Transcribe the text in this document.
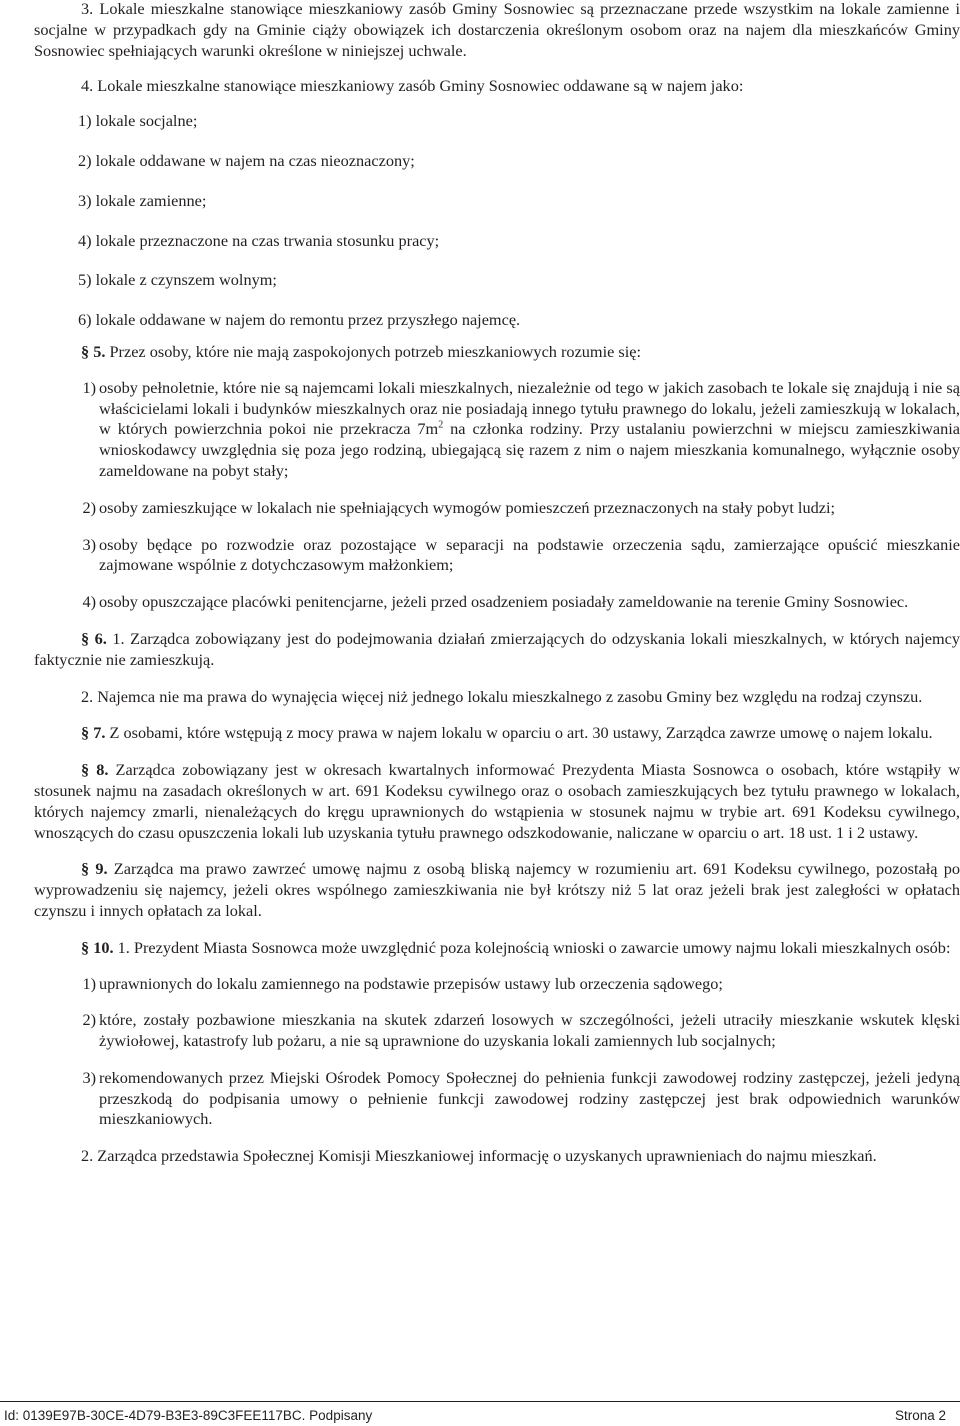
3. Lokale mieszkalne stanowiące mieszkaniowy zasób Gminy Sosnowiec są przeznaczane przede wszystkim na lokale zamienne i socjalne w przypadkach gdy na Gminie ciąży obowiązek ich dostarczenia określonym osobom oraz na najem dla mieszkańców Gminy Sosnowiec spełniających warunki określone w niniejszej uchwale.

4. Lokale mieszkalne stanowiące mieszkaniowy zasób Gminy Sosnowiec oddawane są w najem jako:

1) lokale socjalne;

2) lokale oddawane w najem na czas nieoznaczony;

3) lokale zamienne;

4) lokale przeznaczone na czas trwania stosunku pracy;

5) lokale z czynszem wolnym;

6) lokale oddawane w najem do remontu przez przyszłego najemcę.

§ 5. Przez osoby, które nie mają zaspokojonych potrzeb mieszkaniowych rozumie się:

1) osoby pełnoletnie, które nie są najemcami lokali mieszkalnych, niezależnie od tego w jakich zasobach te lokale się znajdują i nie są właścicielami lokali i budynków mieszkalnych oraz nie posiadają innego tytułu prawnego do lokalu, jeżeli zamieszkują w lokalach, w których powierzchnia pokoi nie przekracza $7m^2$ na członka rodziny. Przy ustalaniu powierzchni w miejscu zamieszkiwania wnioskodawcy uwzględnia się poza jego rodziną, ubiegającą się razem z nim o najem mieszkania komunalnego, wyłącznie osoby zameldowane na pobyt stały;
2) osoby zamieszkujące w lokalach nie spełniających wymogów pomieszczeń przeznaczonych na stały pobyt ludzi;
3) osoby będące po rozwodzie oraz pozostające w separacji na podstawie orzeczenia sądu, zamierzające opuścić mieszkanie zajmowane wspólnie z dotychczasowym małżonkiem;
4) osoby opuszczające placówki penitencjarne, jeżeli przed osadzeniem posiadały zameldowanie na terenie Gminy Sosnowiec.

§ 6. 1. Zarządca zobowiązany jest do podejmowania działań zmierzających do odzyskania lokali mieszkalnych, w których najemcy faktycznie nie zamieszkują.

2. Najemca nie ma prawa do wynajęcia więcej niż jednego lokalu mieszkalnego z zasobu Gminy bez względu na rodzaj czynszu.

§ 7. Z osobami, które wstępują z mocy prawa w najem lokalu w oparciu o art. 30 ustawy, Zarządca zawrze umowę o najem lokalu.

§ 8. Zarządca zobowiązany jest w okresach kwartalnych informować Prezydenta Miasta Sosnowca o osobach, które wstąpiły w stosunek najmu na zasadach określonych w art. 691 Kodeksu cywilnego oraz o osobach zamieszkujących bez tytułu prawnego w lokalach, których najemcy zmarli, nienależących do kręgu uprawnionych do wstąpienia w stosunek najmu w trybie art. 691 Kodeksu cywilnego, wnoszących do czasu opuszczenia lokali lub uzyskania tytułu prawnego odszkodowanie, naliczane w oparciu o art. 18 ust. 1 i 2 ustawy.

§ 9. Zarządca ma prawo zawrzeć umowę najmu z osobą bliską najemcy w rozumieniu art. 691 Kodeksu cywilnego, pozostałą po wyprowadzeniu się najemcy, jeżeli okres wspólnego zamieszkiwania nie był krótszy niż 5 lat oraz jeżeli brak jest zaległości w opłatach czynszu i innych opłatach za lokal.

§ 10. 1. Prezydent Miasta Sosnowca może uwzględnić poza kolejnością wnioski o zawarcie umowy najmu lokali mieszkalnych osób:

1) uprawnionych do lokalu zamiennego na podstawie przepisów ustawy lub orzeczenia sądowego;
2) które, zostały pozbawione mieszkania na skutek zdarzeń losowych w szczególności, jeżeli utraciły mieszkanie wskutek klęski żywiołowej, katastrofy lub pożaru, a nie są uprawnione do uzyskania lokali zamiennych lub socjalnych;
3) rekomendowanych przez Miejski Ośrodek Pomocy Społecznej do pełnienia funkcji zawodowej rodziny zastępczej, jeżeli jedyną przeszkodą do podpisania umowy o pełnienie funkcji zawodowej rodziny zastępczej jest brak odpowiednich warunków mieszkaniowych.

2. Zarządca przedstawia Społecznej Komisji Mieszkaniowej informację o uzyskanych uprawnieniach do najmu mieszkań.

Id: 0139E97B-30CE-4D79-B3E3-89C3FEE117BC. Podpisany	Strona 2
